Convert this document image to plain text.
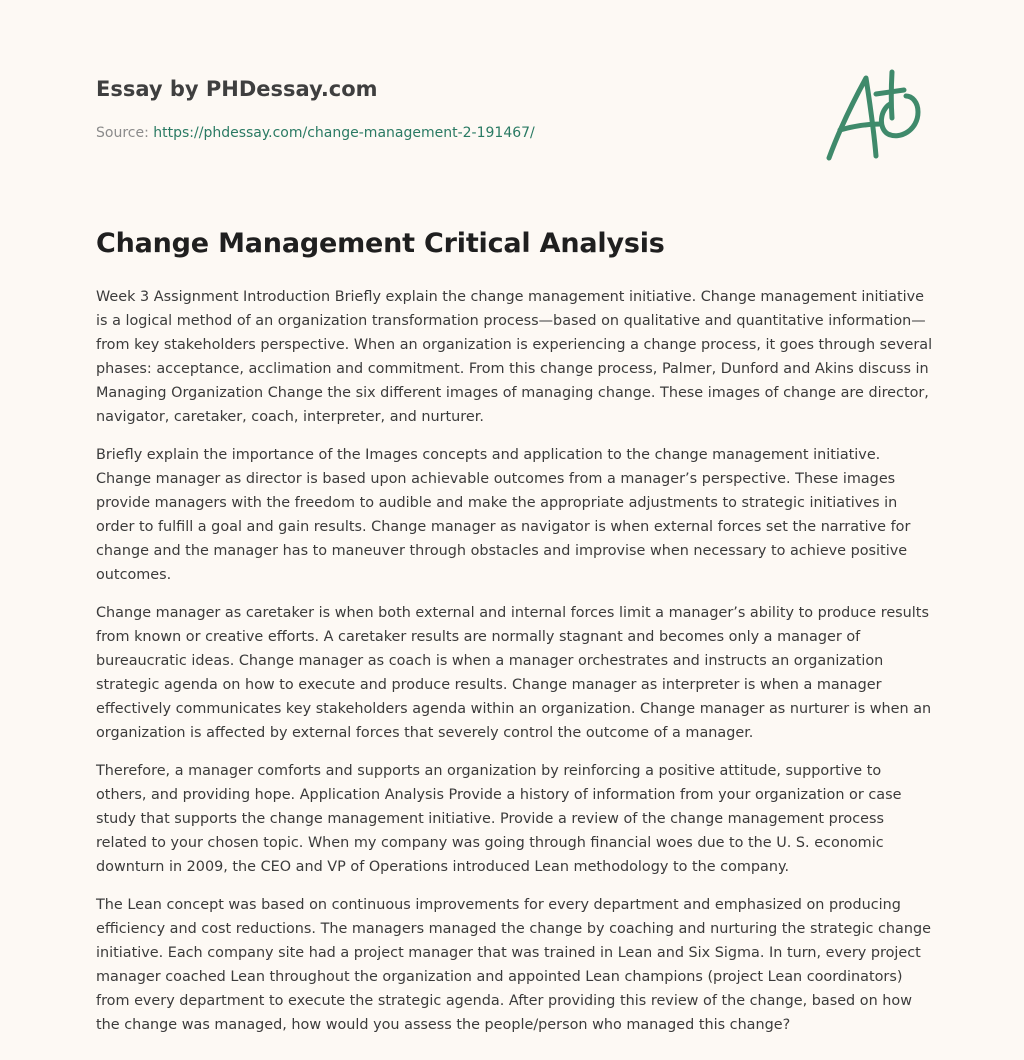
Essay by PHDessay.com
Source: https://phdessay.com/change-management-2-191467/
Change Management Critical Analysis

Week 3 Assignment Introduction Briefly explain the change management initiative. Change management initiative is a logical method of an organization transformation process—based on qualitative and quantitative information—from key stakeholders perspective. When an organization is experiencing a change process, it goes through several phases: acceptance, acclimation and commitment. From this change process, Palmer, Dunford and Akins discuss in Managing Organization Change the six different images of managing change. These images of change are director, navigator, caretaker, coach, interpreter, and nurturer.

Briefly explain the importance of the Images concepts and application to the change management initiative. Change manager as director is based upon achievable outcomes from a manager’s perspective. These images provide managers with the freedom to audible and make the appropriate adjustments to strategic initiatives in order to fulfill a goal and gain results. Change manager as navigator is when external forces set the narrative for change and the manager has to maneuver through obstacles and improvise when necessary to achieve positive outcomes.

Change manager as caretaker is when both external and internal forces limit a manager’s ability to produce results from known or creative efforts. A caretaker results are normally stagnant and becomes only a manager of bureaucratic ideas. Change manager as coach is when a manager orchestrates and instructs an organization strategic agenda on how to execute and produce results. Change manager as interpreter is when a manager effectively communicates key stakeholders agenda within an organization. Change manager as nurturer is when an organization is affected by external forces that severely control the outcome of a manager.

Therefore, a manager comforts and supports an organization by reinforcing a positive attitude, supportive to others, and providing hope. Application Analysis Provide a history of information from your organization or case study that supports the change management initiative. Provide a review of the change management process related to your chosen topic. When my company was going through financial woes due to the U. S. economic downturn in 2009, the CEO and VP of Operations introduced Lean methodology to the company.

The Lean concept was based on continuous improvements for every department and emphasized on producing efficiency and cost reductions. The managers managed the change by coaching and nurturing the strategic change initiative. Each company site had a project manager that was trained in Lean and Six Sigma. In turn, every project manager coached Lean throughout the organization and appointed Lean champions (project Lean coordinators) from every department to execute the strategic agenda. After providing this review of the change, based on how the change was managed, how would you assess the people/person who managed this change?
